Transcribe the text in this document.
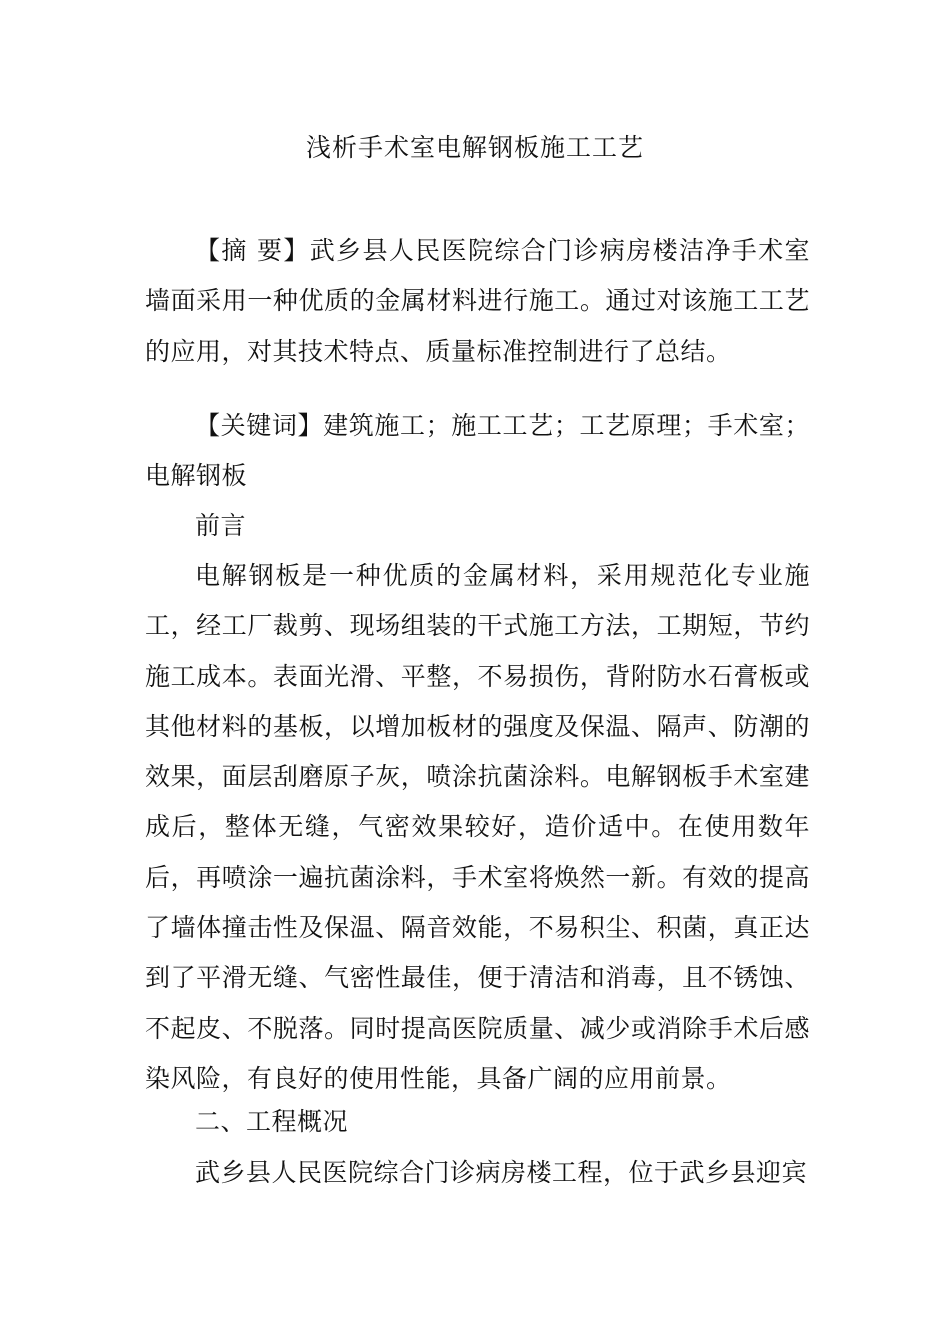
浅析手术室电解钢板施工工艺

【摘 要】武乡县人民医院综合门诊病房楼洁净手术室墙面采用一种优质的金属材料进行施工。通过对该施工工艺的应用，对其技术特点、质量标准控制进行了总结。

【关键词】建筑施工；施工工艺；工艺原理；手术室；电解钢板

前言

电解钢板是一种优质的金属材料，采用规范化专业施工，经工厂裁剪、现场组装的干式施工方法，工期短，节约施工成本。表面光滑、平整，不易损伤，背附防水石膏板或其他材料的基板，以增加板材的强度及保温、隔声、防潮的效果，面层刮磨原子灰，喷涂抗菌涂料。电解钢板手术室建成后，整体无缝，气密效果较好，造价适中。在使用数年后，再喷涂一遍抗菌涂料，手术室将焕然一新。有效的提高了墙体撞击性及保温、隔音效能，不易积尘、积菌，真正达到了平滑无缝、气密性最佳，便于清洁和消毒，且不锈蚀、不起皮、不脱落。同时提高医院质量、减少或消除手术后感染风险，有良好的使用性能，具备广阔的应用前景。

二、工程概况

武乡县人民医院综合门诊病房楼工程，位于武乡县迎宾
